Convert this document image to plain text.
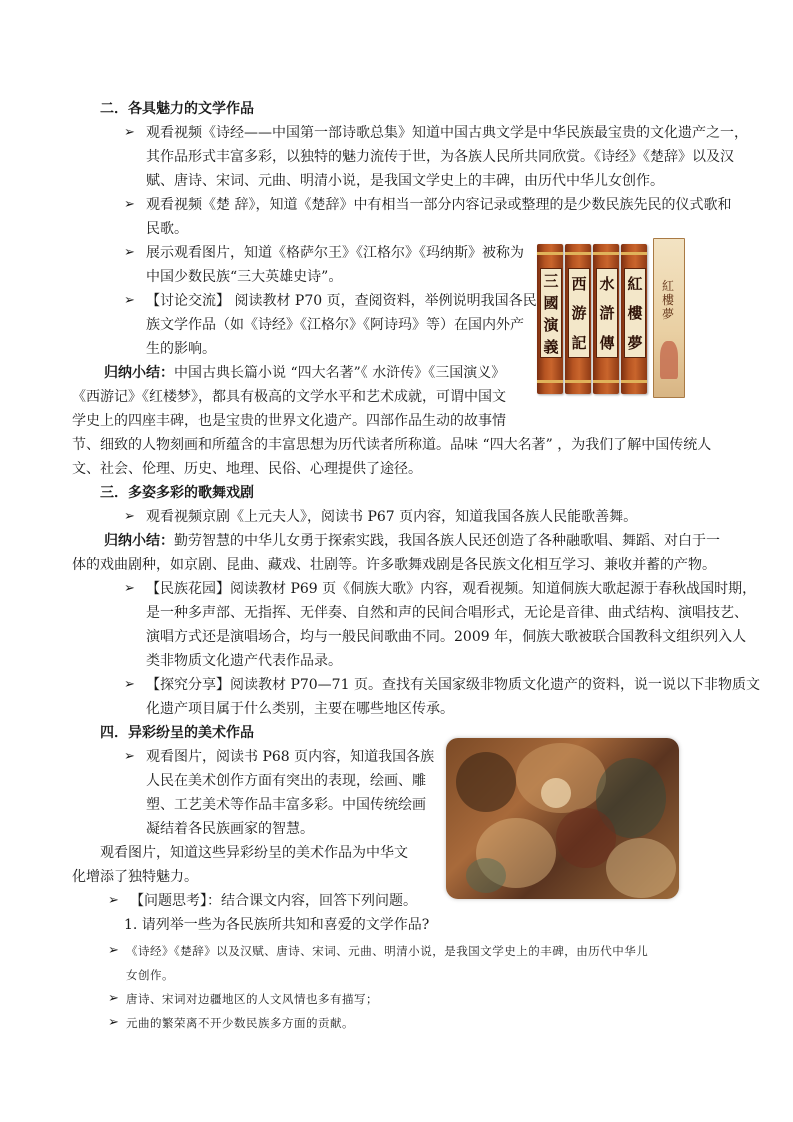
二．各具魅力的文学作品
➢ 观看视频《诗经——中国第一部诗歌总集》知道中国古典文学是中华民族最宝贵的文化遗产之一，
其作品形式丰富多彩，以独特的魅力流传于世，为各族人民所共同欣赏。《诗经》《楚辞》以及汉
赋、唐诗、宋词、元曲、明清小说，是我国文学史上的丰碑，由历代中华儿女创作。
➢ 观看视频《楚 辞》，知道《楚辞》中有相当一部分内容记录或整理的是少数民族先民的仪式歌和
民歌。
➢ 展示观看图片，知道《格萨尔王》《江格尔》《玛纳斯》被称为
中国少数民族“三大英雄史诗”。
➢ 【讨论交流】 阅读教材 P70 页，查阅资料，举例说明我国各民
族文学作品（如《诗经》《江格尔》《阿诗玛》等）在国内外产
生的影响。
归纳小结：中国古典长篇小说 “四大名著”《 水浒传》《三国演义》
《西游记》《红楼梦》，都具有极高的文学水平和艺术成就，可谓中国文
学史上的四座丰碑，也是宝贵的世界文化遗产。四部作品生动的故事情
节、细致的人物刻画和所蕴含的丰富思想为历代读者所称道。品味 “四大名著” ，为我们了解中国传统人
文、社会、伦理、历史、地理、民俗、心理提供了途径。
三
國
演
義
西
游
記
水
滸
傳
紅
樓
夢
紅樓夢
三．多姿多彩的歌舞戏剧
➢ 观看视频京剧《上元夫人》，阅读书 P67 页内容，知道我国各族人民能歌善舞。
归纳小结：勤劳智慧的中华儿女勇于探索实践，我国各族人民还创造了各种融歌唱、舞蹈、对白于一
体的戏曲剧种，如京剧、昆曲、藏戏、壮剧等。许多歌舞戏剧是各民族文化相互学习、兼收并蓄的产物。
➢ 【民族花园】阅读教材 P69 页《侗族大歌》内容，观看视频。知道侗族大歌起源于春秋战国时期，
是一种多声部、无指挥、无伴奏、自然和声的民间合唱形式，无论是音律、曲式结构、演唱技艺、
演唱方式还是演唱场合，均与一般民间歌曲不同。2009 年，侗族大歌被联合国教科文组织列入人
类非物质文化遗产代表作品录。
➢ 【探究分享】阅读教材 P70—71 页。查找有关国家级非物质文化遗产的资料，说一说以下非物质文
化遗产项目属于什么类别，主要在哪些地区传承。
四．异彩纷呈的美术作品
➢ 观看图片，阅读书 P68 页内容，知道我国各族
人民在美术创作方面有突出的表现，绘画、雕
塑、工艺美术等作品丰富多彩。中国传统绘画
凝结着各民族画家的智慧。
观看图片，知道这些异彩纷呈的美术作品为中华文
化增添了独特魅力。
➢ 【问题思考】：结合课文内容，回答下列问题。
1. 请列举一些为各民族所共知和喜爱的文学作品?
➢ 《诗经》《楚辞》以及汉赋、唐诗、宋词、元曲、明清小说，是我国文学史上的丰碑，由历代中华儿
女创作。
➢ 唐诗、宋词对边疆地区的人文风情也多有描写；
➢ 元曲的繁荣离不开少数民族多方面的贡献。
